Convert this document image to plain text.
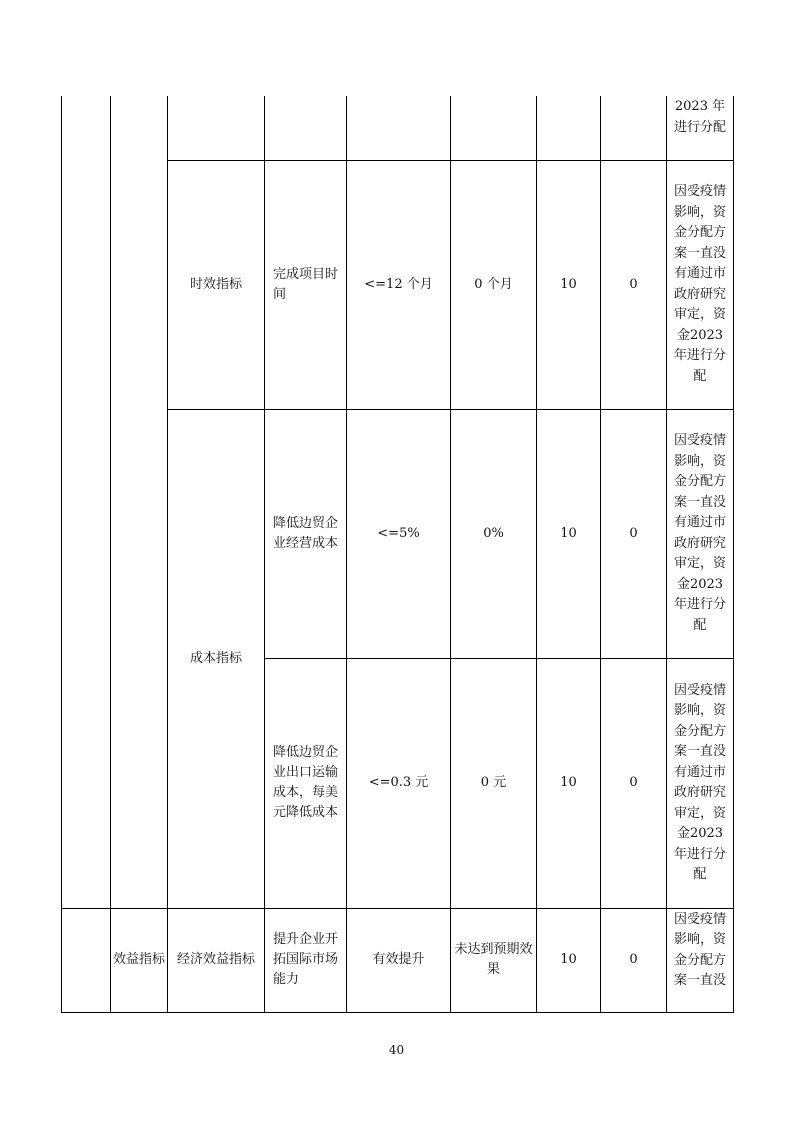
								2023 年进行分配
		时效指标	完成项目时间	<=12 个月	0 个月	10	0	因受疫情影响，资金分配方案一直没有通过市政府研究审定，资金2023 年进行分配
		成本指标	降低边贸企业经营成本	<=5%	0%	10	0	因受疫情影响，资金分配方案一直没有通过市政府研究审定，资金2023 年进行分配
			降低边贸企业出口运输成本，每美元降低成本	<=0.3 元	0 元	10	0	因受疫情影响，资金分配方案一直没有通过市政府研究审定，资金2023 年进行分配
	效益指标	经济效益指标	提升企业开拓国际市场能力	有效提升	未达到预期效果	10	0	因受疫情影响，资金分配方案一直没
40
